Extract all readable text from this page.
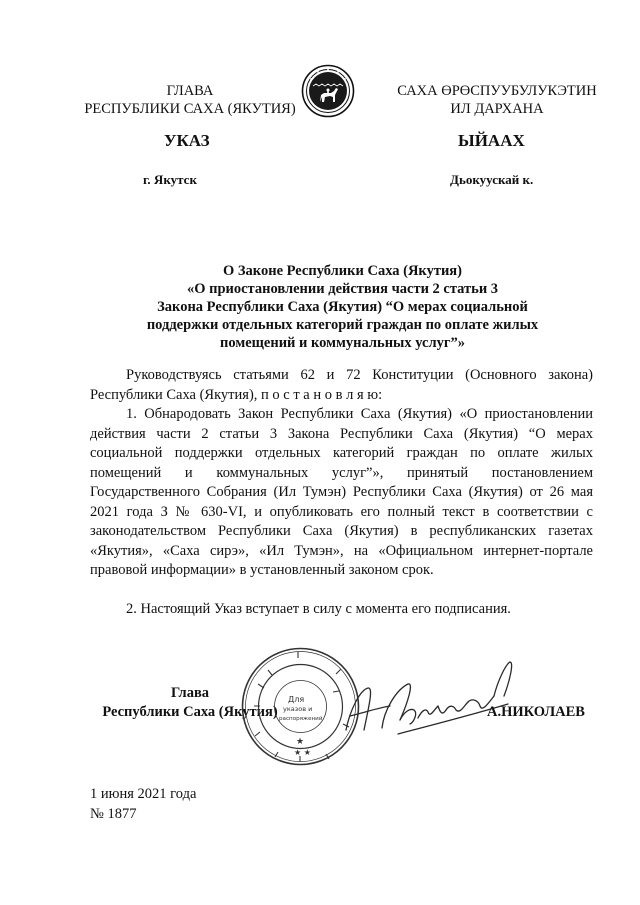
ГЛАВА
РЕСПУБЛИКИ САХА (ЯКУТИЯ)
САХА ӨРӨСПУУБУЛУКЭТИН
ИЛ ДАРХАНА
УКАЗ	ЫЙААХ
г. Якутск	Дьокуускай к.
О Законе Республики Саха (Якутия)
«О приостановлении действия части 2 статьи 3
Закона Республики Саха (Якутия) “О мерах социальной
поддержки отдельных категорий граждан по оплате жилых
помещений и коммунальных услуг”»
Руководствуясь статьями 62 и 72 Конституции (Основного закона) Республики Саха (Якутия), п о с т а н о в л я ю:
1. Обнародовать Закон Республики Саха (Якутия) «О приостановлении действия части 2 статьи 3 Закона Республики Саха (Якутия) “О мерах социальной поддержки отдельных категорий граждан по оплате жилых помещений и коммунальных услуг”», принятый постановлением Государственного Собрания (Ил Тумэн) Республики Саха (Якутия) от 26 мая 2021 года З № 630-VI, и опубликовать его полный текст в соответствии с законодательством Республики Саха (Якутия) в республиканских газетах «Якутия», «Саха сирэ», «Ил Тумэн», на «Официальном интернет-портале правовой информации» в установленный законом срок.
2. Настоящий Указ вступает в силу с момента его подписания.
Глава
Республики Саха (Якутия)
Для
указов и
распоряжений
★
★ ★
А.НИКОЛАЕВ
1 июня 2021 года
№ 1877
